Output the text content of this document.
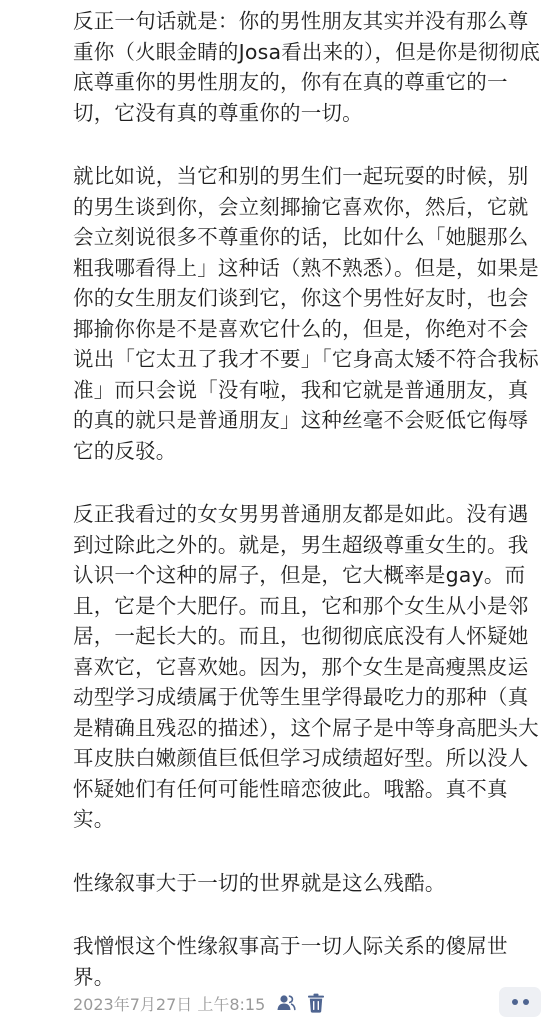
反正一句话就是：你的男性朋友其实并没有那么尊重你（火眼金睛的Josa看出来的），但是你是彻彻底底尊重你的男性朋友的，你有在真的尊重它的一切，它没有真的尊重你的一切。

就比如说，当它和别的男生们一起玩耍的时候，别的男生谈到你，会立刻揶揄它喜欢你，然后，它就会立刻说很多不尊重你的话，比如什么「她腿那么粗我哪看得上」这种话（熟不熟悉）。但是，如果是你的女生朋友们谈到它，你这个男性好友时，也会揶揄你你是不是喜欢它什么的，但是，你绝对不会说出「它太丑了我才不要」「它身高太矮不符合我标准」而只会说「没有啦，我和它就是普通朋友，真的真的就只是普通朋友」这种丝毫不会贬低它侮辱它的反驳。

反正我看过的女女男男普通朋友都是如此。没有遇到过除此之外的。就是，男生超级尊重女生的。我认识一个这种的屌子，但是，它大概率是gay。而且，它是个大肥仔。而且，它和那个女生从小是邻居，一起长大的。而且，也彻彻底底没有人怀疑她喜欢它，它喜欢她。因为，那个女生是高瘦黑皮运动型学习成绩属于优等生里学得最吃力的那种（真是精确且残忍的描述），这个屌子是中等身高肥头大耳皮肤白嫩颜值巨低但学习成绩超好型。所以没人怀疑她们有任何可能性暗恋彼此。哦豁。真不真实。

性缘叙事大于一切的世界就是这么残酷。

我憎恨这个性缘叙事高于一切人际关系的傻屌世界。

2023年7月27日 上午8:15
